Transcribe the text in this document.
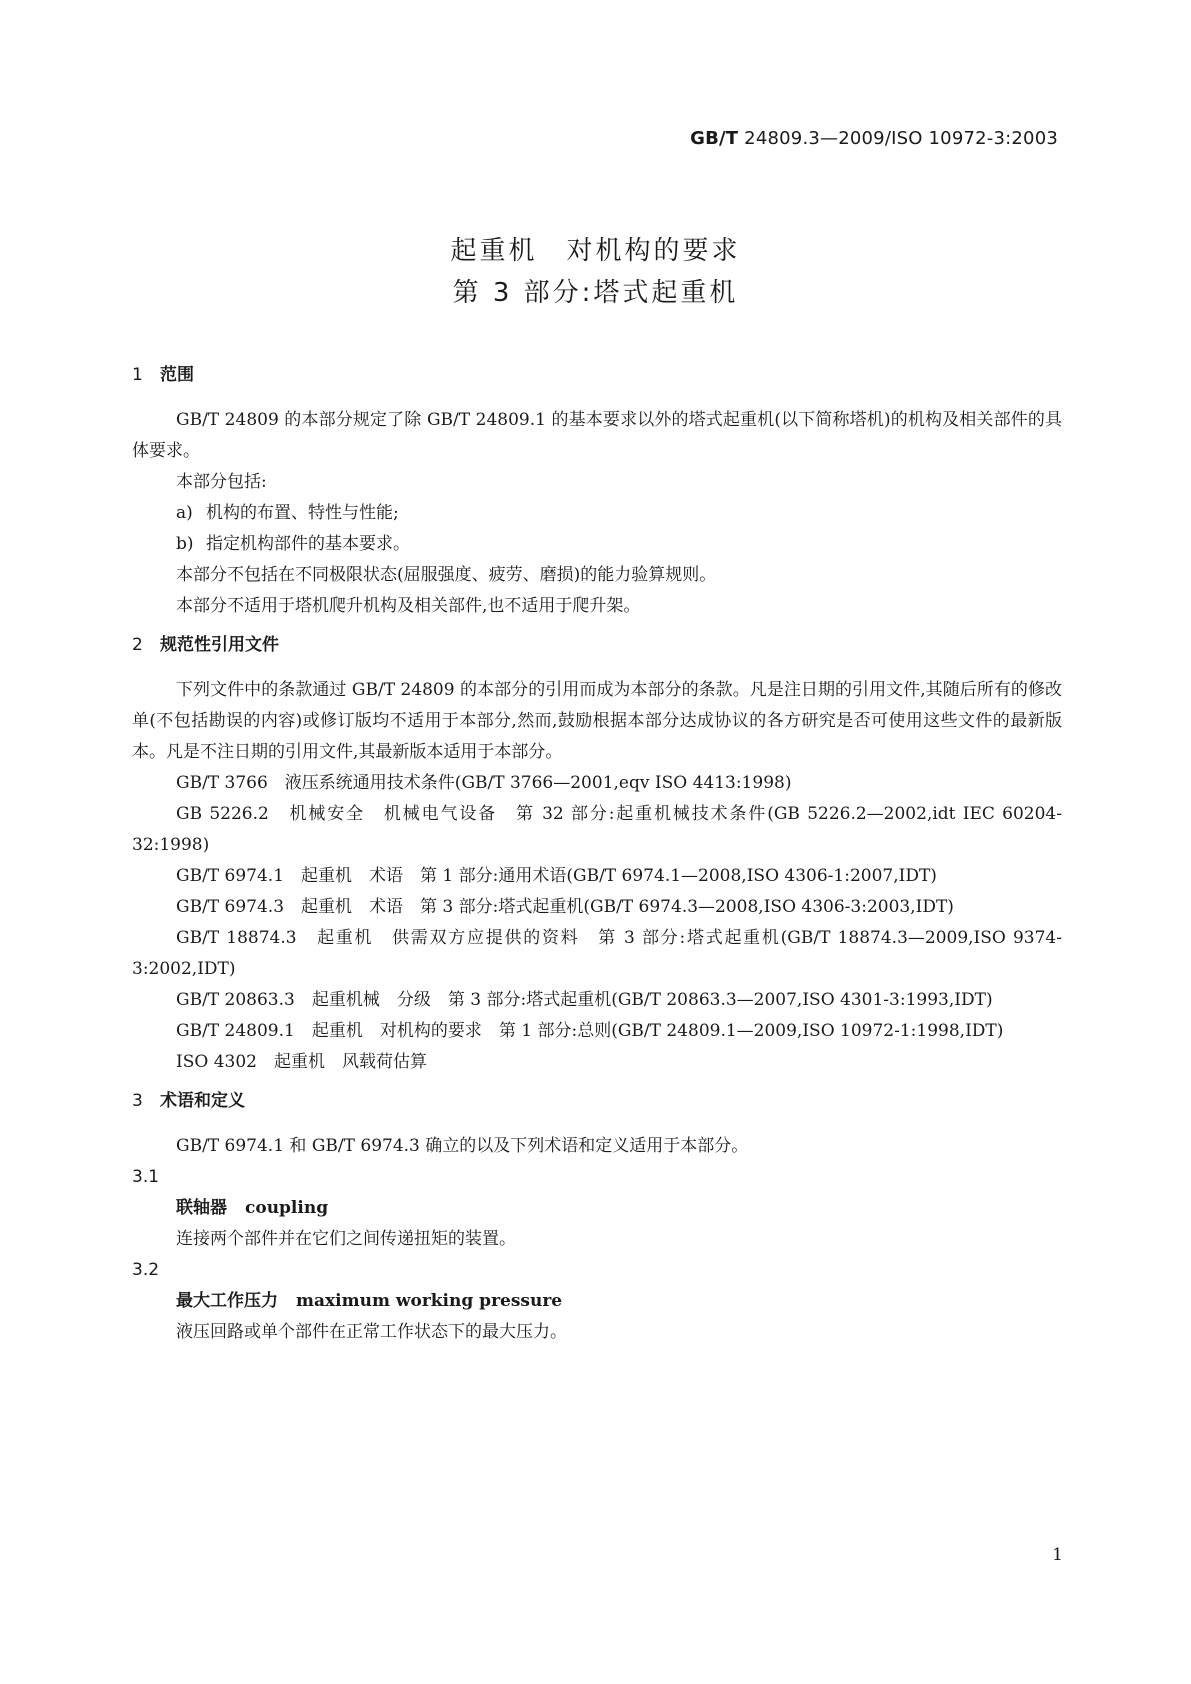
GB/T 24809.3—2009/ISO 10972-3:2003
起重机　对机构的要求
第 3 部分:塔式起重机

1 范围

GB/T 24809 的本部分规定了除 GB/T 24809.1 的基本要求以外的塔式起重机(以下简称塔机)的机构及相关部件的具体要求。

本部分包括:

a) 机构的布置、特性与性能;

b) 指定机构部件的基本要求。

本部分不包括在不同极限状态(屈服强度、疲劳、磨损)的能力验算规则。

本部分不适用于塔机爬升机构及相关部件,也不适用于爬升架。

2 规范性引用文件

下列文件中的条款通过 GB/T 24809 的本部分的引用而成为本部分的条款。凡是注日期的引用文件,其随后所有的修改单(不包括勘误的内容)或修订版均不适用于本部分,然而,鼓励根据本部分达成协议的各方研究是否可使用这些文件的最新版本。凡是不注日期的引用文件,其最新版本适用于本部分。

GB/T 3766　液压系统通用技术条件(GB/T 3766—2001,eqv ISO 4413:1998)

GB 5226.2　机械安全　机械电气设备　第 32 部分:起重机械技术条件(GB 5226.2—2002,idt IEC 60204-32:1998)

GB/T 6974.1　起重机　术语　第 1 部分:通用术语(GB/T 6974.1—2008,ISO 4306-1:2007,IDT)

GB/T 6974.3　起重机　术语　第 3 部分:塔式起重机(GB/T 6974.3—2008,ISO 4306-3:2003,IDT)

GB/T 18874.3　起重机　供需双方应提供的资料　第 3 部分:塔式起重机(GB/T 18874.3—2009,ISO 9374-3:2002,IDT)

GB/T 20863.3　起重机械　分级　第 3 部分:塔式起重机(GB/T 20863.3—2007,ISO 4301-3:1993,IDT)

GB/T 24809.1　起重机　对机构的要求　第 1 部分:总则(GB/T 24809.1—2009,ISO 10972-1:1998,IDT)

ISO 4302　起重机　风载荷估算

3 术语和定义

GB/T 6974.1 和 GB/T 6974.3 确立的以及下列术语和定义适用于本部分。

3.1

联轴器 coupling

连接两个部件并在它们之间传递扭矩的装置。

3.2

最大工作压力 maximum working pressure

液压回路或单个部件在正常工作状态下的最大压力。

1
